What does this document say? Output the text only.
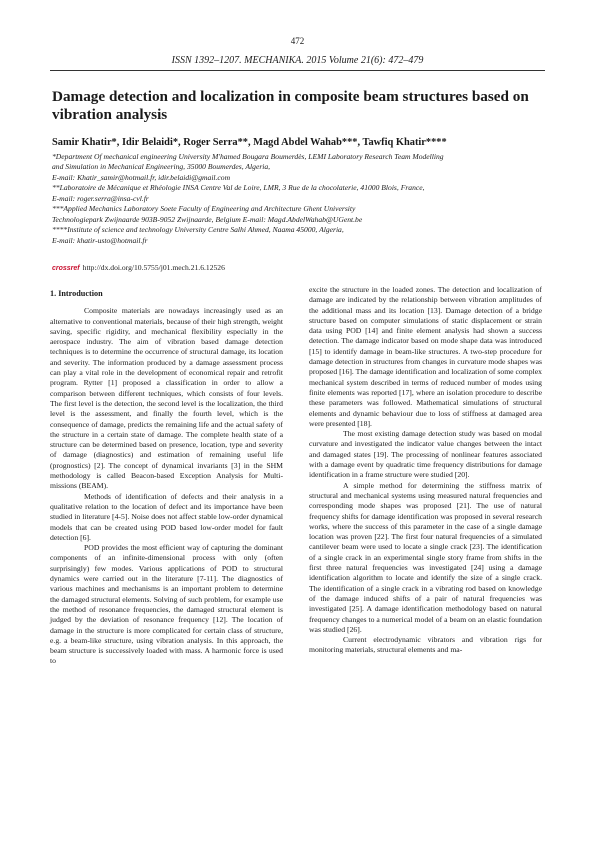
472
ISSN 1392–1207. MECHANIKA. 2015 Volume 21(6): 472–479
Damage detection and localization in composite beam structures based on vibration analysis
Samir Khatir*, Idir Belaidi*, Roger Serra**, Magd Abdel Wahab***, Tawfiq Khatir****
*Department Of mechanical engineering University M'hamed Bougara Boumerdès, LEMI Laboratory Research Team Modelling
and Simulation in Mechanical Engineering, 35000 Boumerdes, Algeria,
E-mail: Khatir_samir@hotmail.fr, idir.belaidi@gmail.com
**Laboratoire de Mécanique et Rhéologie INSA Centre Val de Loire, LMR, 3 Rue de la chocolaterie, 41000 Blois, France,
E-mail: roger.serra@insa-cvl.fr
***Applied Mechanics Laboratory Soete Faculty of Engineering and Architecture Ghent University
Technologiepark Zwijnaarde 903B-9052 Zwijnaarde, Belgium E-mail: Magd.AbdelWahab@UGent.be
****Institute of science and technology University Centre Salhi Ahmed, Naama 45000, Algeria,
E-mail: khatir-usto@hotmail.fr
crossref http://dx.doi.org/10.5755/j01.mech.21.6.12526
1. Introduction

Composite materials are nowadays increasingly used as an alternative to conventional materials, because of their high strength, weight saving, specific rigidity, and mechanical flexibility especially in the aerospace industry. The aim of vibration based damage detection techniques is to determine the occurrence of structural damage, its location and severity. The information produced by a damage assessment process can play a vital role in the development of economical repair and retrofit program. Rytter [1] proposed a classification in order to allow a comparison between different techniques, which consists of four levels. The first level is the detection, the second level is the localization, the third level is the assessment, and finally the fourth level, which is the consequence of damage, predicts the remaining life and the actual safety of the structure in a certain state of damage. The complete health state of a structure can be determined based on presence, location, type and severity of damage (diagnostics) and estimation of remaining useful life (prognostics) [2]. The concept of dynamical invariants [3] in the SHM methodology is called Beacon-based Exception Analysis for Multi-missions (BEAM).

Methods of identification of defects and their analysis in a qualitative relation to the location of defect and its importance have been studied in literature [4-5]. Noise does not affect stable low-order dynamical models that can be created using POD based low-order model for fault detection [6].

POD provides the most efficient way of capturing the dominant components of an infinite-dimensional process with only (often surprisingly) few modes. Various applications of POD to structural dynamics were carried out in the literature [7-11]. The diagnostics of various machines and mechanisms is an important problem to determine the damaged structural elements. Solving of such problem, for example use the method of resonance frequencies, the damaged structural element is judged by the deviation of resonance frequency [12]. The location of damage in the structure is more complicated for certain class of structure, e.g. a beam-like structure, using vibration analysis. In this approach, the beam structure is successively loaded with mass. A harmonic force is used to

excite the structure in the loaded zones. The detection and localization of damage are indicated by the relationship between vibration amplitudes of the additional mass and its location [13]. Damage detection of a bridge structure based on computer simulations of static displacement or strain data using POD [14] and finite element analysis had shown a success detection. The damage indicator based on mode shape data was introduced [15] to identify damage in beam-like structures. A two-step procedure for damage detection in structures from changes in curvature mode shapes was proposed [16]. The damage identification and localization of some complex mechanical system described in terms of reduced number of modes using finite elements was reported [17], where an isolation procedure to describe these parameters was followed. Mathematical simulations of structural elements and dynamic behaviour due to loss of stiffness at damaged area were presented [18].

The most existing damage detection study was based on modal curvature and investigated the indicator value changes between the intact and damaged states [19]. The processing of nonlinear features associated with a damage event by quadratic time frequency distributions for damage identification in a frame structure were studied [20].

A simple method for determining the stiffness matrix of structural and mechanical systems using measured natural frequencies and corresponding mode shapes was proposed [21]. The use of natural frequency shifts for damage identification was proposed in several research works, where the success of this parameter in the case of a single damage location was proven [22]. The first four natural frequencies of a simulated cantilever beam were used to locate a single crack [23]. The identification of a single crack in an experimental single story frame from shifts in the first three natural frequencies was investigated [24] using a damage identification algorithm to locate and identify the size of a single crack. The identification of a single crack in a vibrating rod based on knowledge of the damage induced shifts of a pair of natural frequencies was investigated [25]. A damage identification methodology based on natural frequency changes to a numerical model of a beam on an elastic foundation was studied [26].

Current electrodynamic vibrators and vibration rigs for monitoring materials, structural elements and ma-
